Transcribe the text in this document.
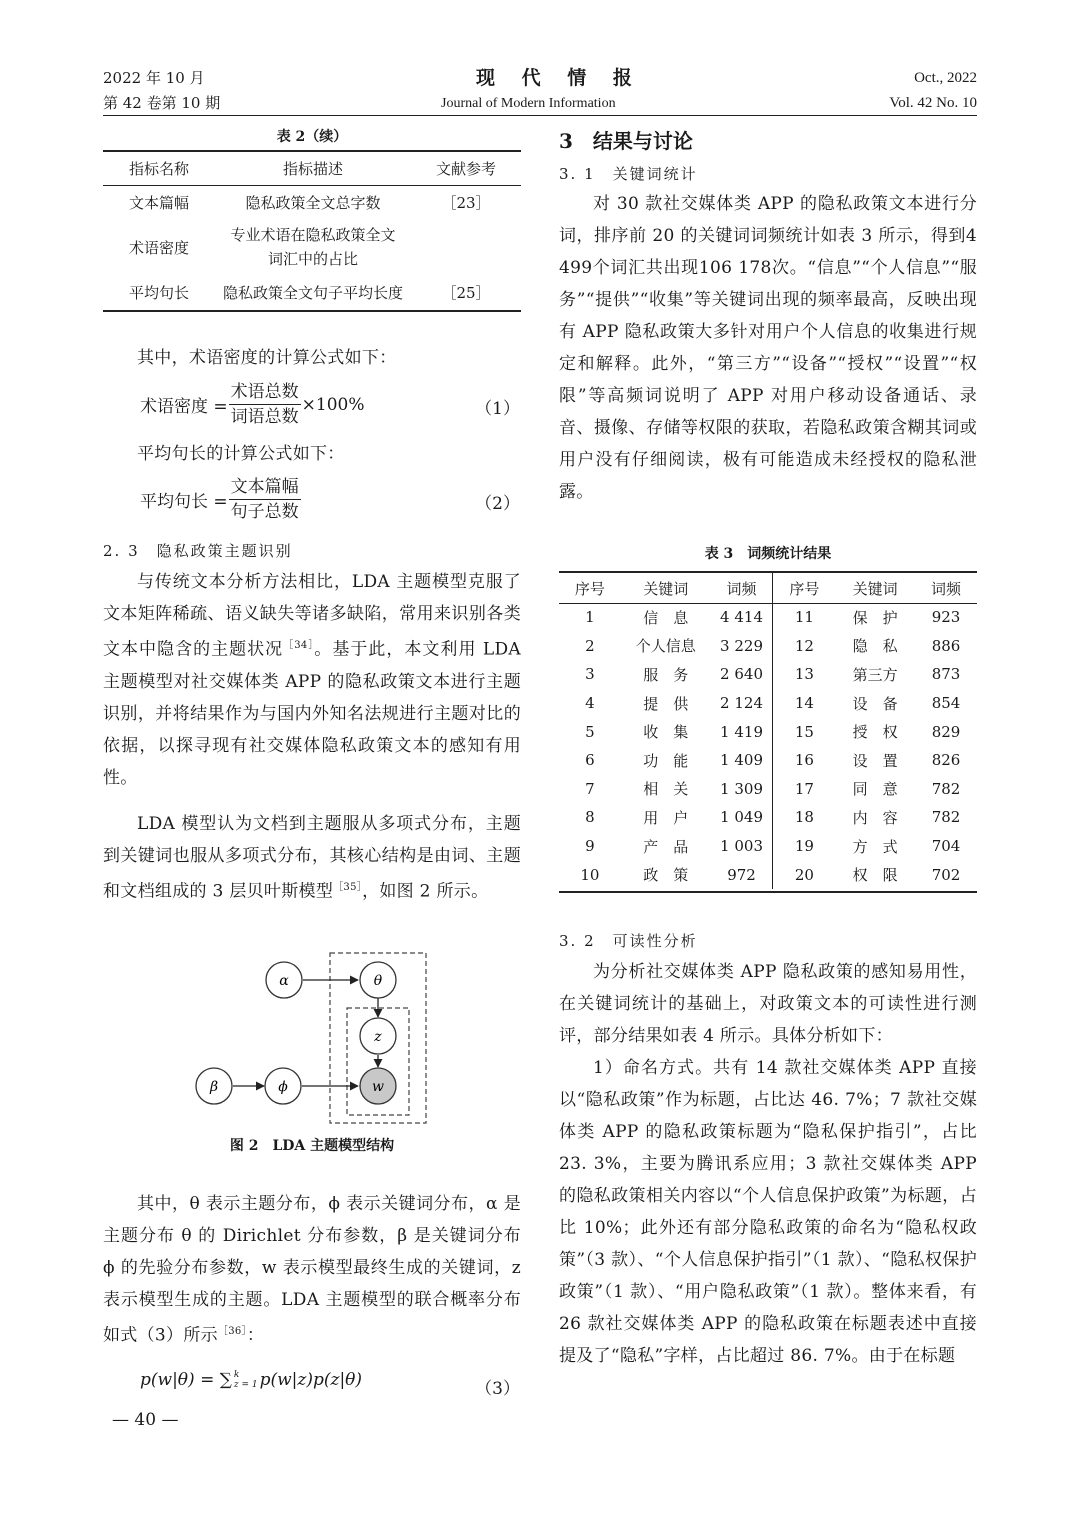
2022 年 10 月
第 42 卷第 10 期
现 代 情 报
Journal of Modern Information
Oct., 2022
Vol. 42 No. 10
表 2（续）
指标名称	指标描述	文献参考
文本篇幅	隐私政策全文总字数	［23］
术语密度	专业术语在隐私政策全文
词汇中的占比	
平均句长	隐私政策全文句子平均长度	［25］

其中，术语密度的计算公式如下：

术语密度 = $\frac{\text{术语总数}}{\text{词语总数}} \times 100\%$	（1）

平均句长的计算公式如下：

平均句长 = $\frac{\text{文本篇幅}}{\text{句子总数}}$	（2）
2. 3　隐私政策主题识别

与传统文本分析方法相比，LDA 主题模型克服了文本矩阵稀疏、语义缺失等诸多缺陷，常用来识别各类文本中隐含的主题状况$^{[34]}$。基于此，本文利用 LDA 主题模型对社交媒体类 APP 的隐私政策文本进行主题识别，并将结果作为与国内外知名法规进行主题对比的依据，以探寻现有社交媒体隐私政策文本的感知有用性。

LDA 模型认为文档到主题服从多项式分布，主题到关键词也服从多项式分布，其核心结构是由词、主题和文档组成的 3 层贝叶斯模型$^{[35]}$，如图 2 所示。

α	θ
z
β	ϕ	w
图 2　LDA 主题模型结构

其中，θ 表示主题分布，ϕ 表示关键词分布，α 是主题分布 θ 的 Dirichlet 分布参数，β 是关键词分布 ϕ 的先验分布参数，w 表示模型最终生成的关键词，z 表示模型生成的主题。LDA 主题模型的联合概率分布如式（3）所示$^{[36]}$：

p(w|θ) = ∑ k
z = 1 p(w|z)p(z|θ)	（3）
— 40 —
3　结果与讨论
3. 1　关键词统计

对 30 款社交媒体类 APP 的隐私政策文本进行分词，排序前 20 的关键词词频统计如表 3 所示，得到4 499个词汇共出现106 178次。“信息”“个人信息”“服务”“提供”“收集”等关键词出现的频率最高，反映出现有 APP 隐私政策大多针对用户个人信息的收集进行规定和解释。此外，“第三方”“设备”“授权”“设置”“权限”等高频词说明了 APP 对用户移动设备通话、录音、摄像、存储等权限的获取，若隐私政策含糊其词或用户没有仔细阅读，极有可能造成未经授权的隐私泄露。

表 3　词频统计结果
序号	关键词	词频	序号	关键词	词频
1	信　息	4 414	11	保　护	923
2	个人信息	3 229	12	隐　私	886
3	服　务	2 640	13	第三方	873
4	提　供	2 124	14	设　备	854
5	收　集	1 419	15	授　权	829
6	功　能	1 409	16	设　置	826
7	相　关	1 309	17	同　意	782
8	用　户	1 049	18	内　容	782
9	产　品	1 003	19	方　式	704
10	政　策	972	20	权　限	702
3. 2　可读性分析

为分析社交媒体类 APP 隐私政策的感知易用性，在关键词统计的基础上，对政策文本的可读性进行测评，部分结果如表 4 所示。具体分析如下：

1）命名方式。共有 14 款社交媒体类 APP 直接以“隐私政策”作为标题，占比达 46. 7%；7 款社交媒体类 APP 的隐私政策标题为“隐私保护指引”，占比 23. 3%，主要为腾讯系应用；3 款社交媒体类 APP 的隐私政策相关内容以“个人信息保护政策”为标题，占比 10%；此外还有部分隐私政策的命名为“隐私权政策”（3 款）、“个人信息保护指引”（1 款）、“隐私权保护政策”（1 款）、“用户隐私政策”（1 款）。整体来看，有 26 款社交媒体类 APP 的隐私政策在标题表述中直接提及了“隐私”字样，占比超过 86. 7%。由于在标题
